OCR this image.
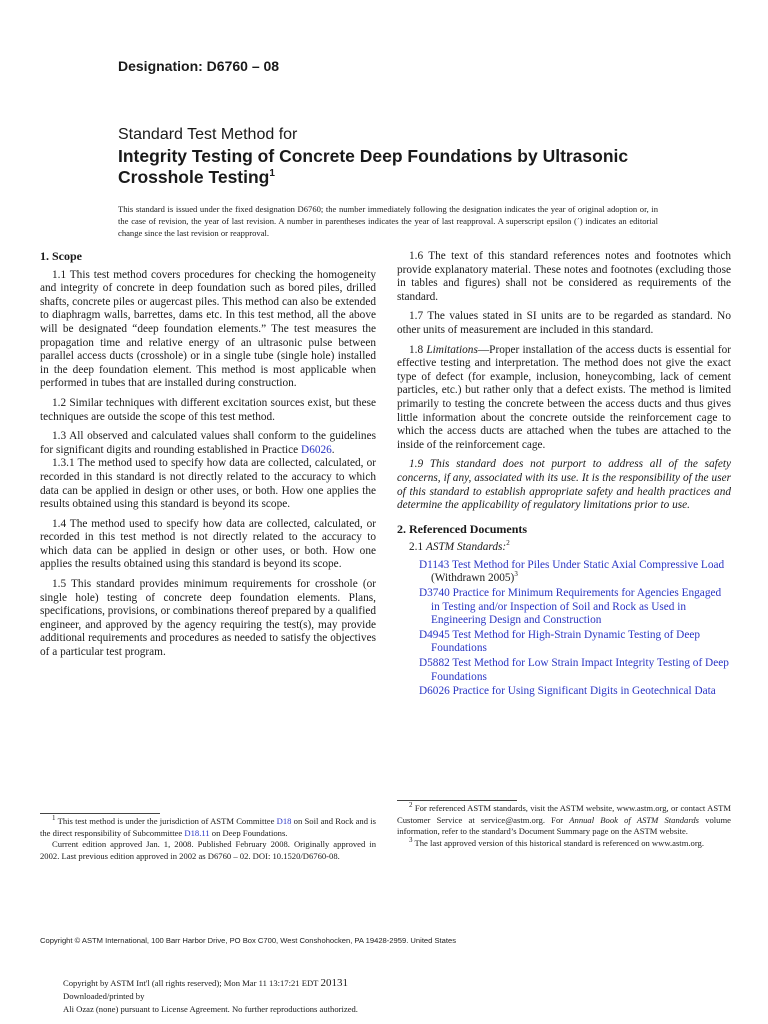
Designation: D6760 – 08
Standard Test Method for
Integrity Testing of Concrete Deep Foundations by Ultrasonic Crosshole Testing$^1$
This standard is issued under the fixed designation D6760; the number immediately following the designation indicates the year of original adoption or, in the case of revision, the year of last revision. A number in parentheses indicates the year of last reapproval. A superscript epsilon (´) indicates an editorial change since the last revision or reapproval.
1. Scope

1.1 This test method covers procedures for checking the homogeneity and integrity of concrete in deep foundation such as bored piles, drilled shafts, concrete piles or augercast piles. This method can also be extended to diaphragm walls, barrettes, dams etc. In this test method, all the above will be designated “deep foundation elements.” The test measures the propagation time and relative energy of an ultrasonic pulse between parallel access ducts (crosshole) or in a single tube (single hole) installed in the deep foundation element. This method is most applicable when performed in tubes that are installed during construction.

1.2 Similar techniques with different excitation sources exist, but these techniques are outside the scope of this test method.

1.3 All observed and calculated values shall conform to the guidelines for significant digits and rounding established in Practice D6026.

1.3.1 The method used to specify how data are collected, calculated, or recorded in this standard is not directly related to the accuracy to which data can be applied in design or other uses, or both. How one applies the results obtained using this standard is beyond its scope.

1.4 The method used to specify how data are collected, calculated, or recorded in this test method is not directly related to the accuracy to which data can be applied in design or other uses, or both. How one applies the results obtained using this standard is beyond its scope.

1.5 This standard provides minimum requirements for crosshole (or single hole) testing of concrete deep foundation elements. Plans, specifications, provisions, or combinations thereof prepared by a qualified engineer, and approved by the agency requiring the test(s), may provide additional requirements and procedures as needed to satisfy the objectives of a particular test program.

1.6 The text of this standard references notes and footnotes which provide explanatory material. These notes and footnotes (excluding those in tables and figures) shall not be considered as requirements of the standard.

1.7 The values stated in SI units are to be regarded as standard. No other units of measurement are included in this standard.

1.8 Limitations—Proper installation of the access ducts is essential for effective testing and interpretation. The method does not give the exact type of defect (for example, inclusion, honeycombing, lack of cement particles, etc.) but rather only that a defect exists. The method is limited primarily to testing the concrete between the access ducts and thus gives little information about the concrete outside the reinforcement cage to which the access ducts are attached when the tubes are attached to the inside of the reinforcement cage.

1.9 This standard does not purport to address all of the safety concerns, if any, associated with its use. It is the responsibility of the user of this standard to establish appropriate safety and health practices and determine the applicability of regulatory limitations prior to use.

2. Referenced Documents

2.1 ASTM Standards:$^2$

D1143 Test Method for Piles Under Static Axial Compressive Load (Withdrawn 2005)$^3$
D3740 Practice for Minimum Requirements for Agencies Engaged in Testing and/or Inspection of Soil and Rock as Used in Engineering Design and Construction
D4945 Test Method for High-Strain Dynamic Testing of Deep Foundations
D5882 Test Method for Low Strain Impact Integrity Testing of Deep Foundations
D6026 Practice for Using Significant Digits in Geotechnical Data

$^1$ This test method is under the jurisdiction of ASTM Committee D18 on Soil and Rock and is the direct responsibility of Subcommittee D18.11 on Deep Foundations.

Current edition approved Jan. 1, 2008. Published February 2008. Originally approved in 2002. Last previous edition approved in 2002 as D6760 – 02. DOI: 10.1520/D6760-08.

$^2$ For referenced ASTM standards, visit the ASTM website, www.astm.org, or contact ASTM Customer Service at service@astm.org. For Annual Book of ASTM Standards volume information, refer to the standard’s Document Summary page on the ASTM website.

$^3$ The last approved version of this historical standard is referenced on www.astm.org.

Copyright © ASTM International, 100 Barr Harbor Drive, PO Box C700, West Conshohocken, PA 19428-2959. United States
Copyright by ASTM Int'l (all rights reserved); Mon Mar 11 13:17:21 EDT 20131
Downloaded/printed by
Ali Ozaz (none) pursuant to License Agreement. No further reproductions authorized.
